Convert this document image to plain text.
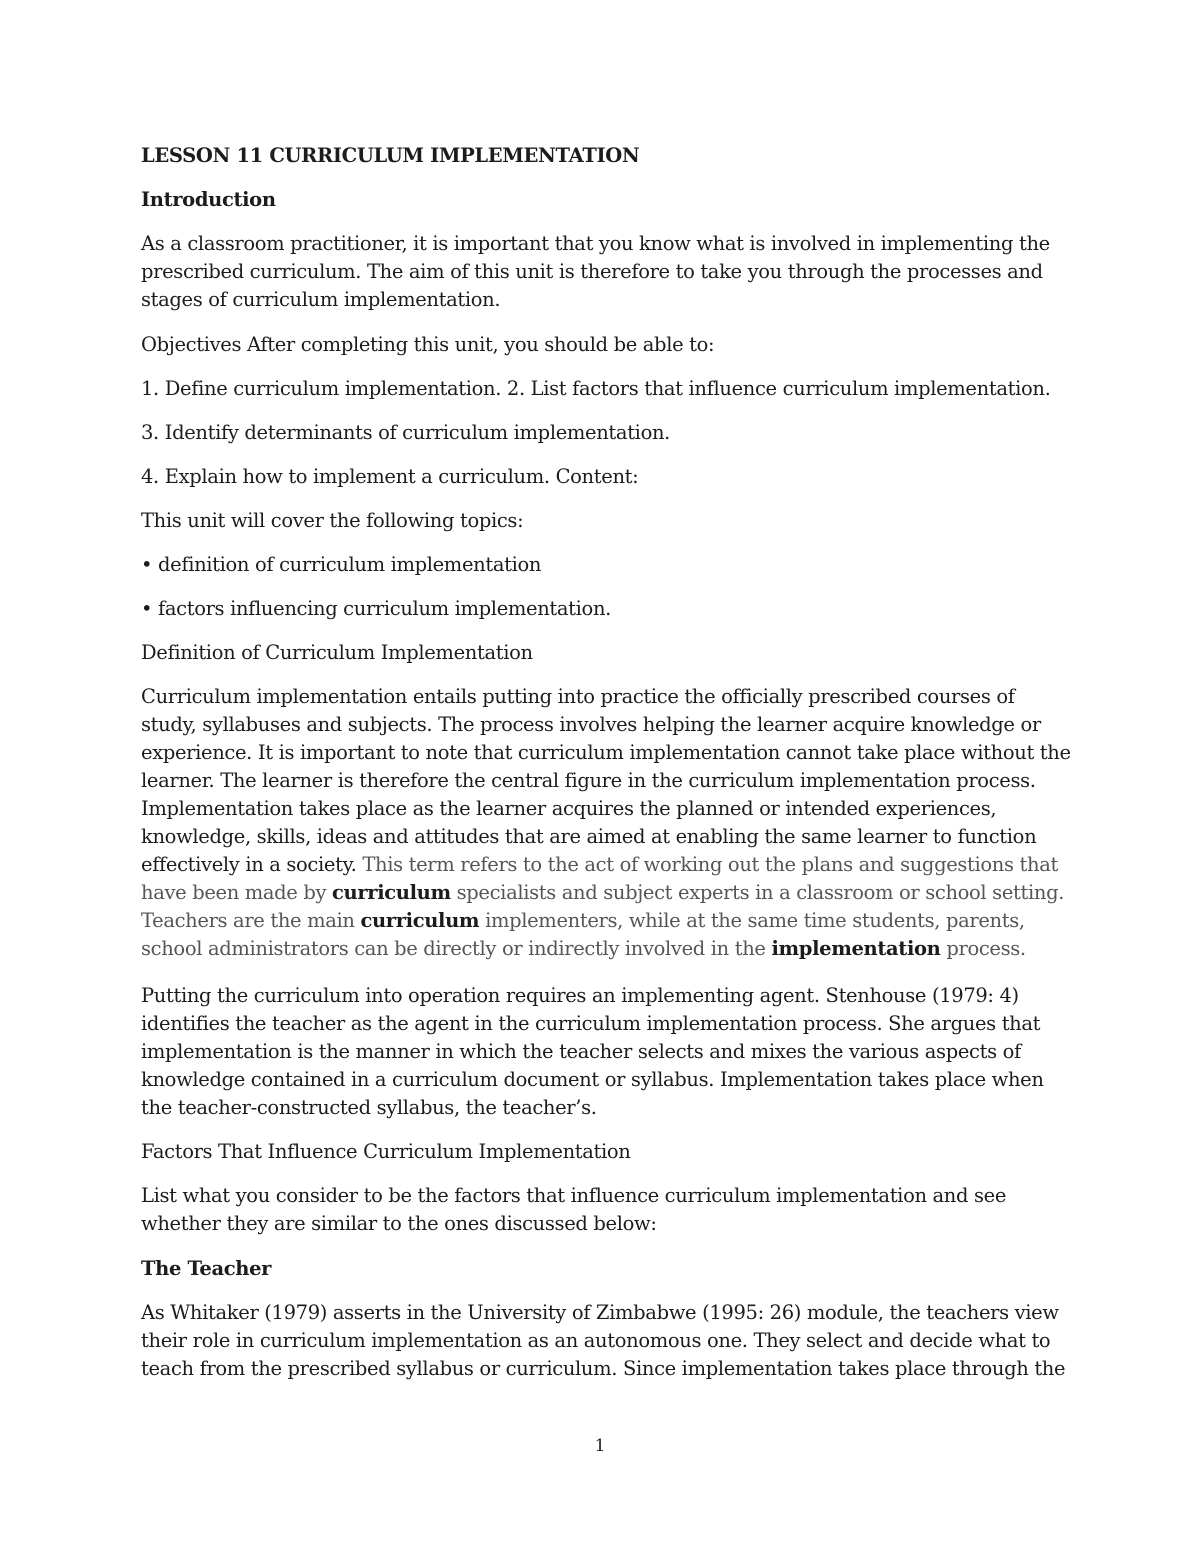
LESSON 11 CURRICULUM IMPLEMENTATION
Introduction
As a classroom practitioner, it is important that you know what is involved in implementing the
prescribed curriculum. The aim of this unit is therefore to take you through the processes and
stages of curriculum implementation.
Objectives After completing this unit, you should be able to:
1. Define curriculum implementation. 2. List factors that influence curriculum implementation.
3. Identify determinants of curriculum implementation.
4. Explain how to implement a curriculum. Content:
This unit will cover the following topics:
• definition of curriculum implementation
• factors influencing curriculum implementation.
Definition of Curriculum Implementation
Curriculum implementation entails putting into practice the officially prescribed courses of
study, syllabuses and subjects. The process involves helping the learner acquire knowledge or
experience. It is important to note that curriculum implementation cannot take place without the
learner. The learner is therefore the central figure in the curriculum implementation process.
Implementation takes place as the learner acquires the planned or intended experiences,
knowledge, skills, ideas and attitudes that are aimed at enabling the same learner to function
effectively in a society. This term refers to the act of working out the plans and suggestions that
have been made by curriculum specialists and subject experts in a classroom or school setting.
Teachers are the main curriculum implementers, while at the same time students, parents,
school administrators can be directly or indirectly involved in the implementation process.
Putting the curriculum into operation requires an implementing agent. Stenhouse (1979: 4)
identifies the teacher as the agent in the curriculum implementation process. She argues that
implementation is the manner in which the teacher selects and mixes the various aspects of
knowledge contained in a curriculum document or syllabus. Implementation takes place when
the teacher-constructed syllabus, the teacher’s.
Factors That Influence Curriculum Implementation
List what you consider to be the factors that influence curriculum implementation and see
whether they are similar to the ones discussed below:
The Teacher
As Whitaker (1979) asserts in the University of Zimbabwe (1995: 26) module, the teachers view
their role in curriculum implementation as an autonomous one. They select and decide what to
teach from the prescribed syllabus or curriculum. Since implementation takes place through the
1
